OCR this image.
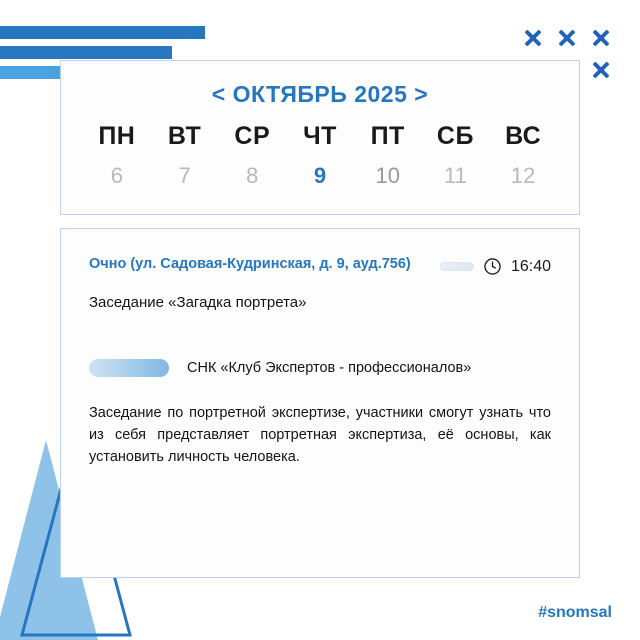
< ОКТЯБРЬ 2025 >
ПН	ВТ	СР	ЧТ	ПТ	СБ	ВС
6	7	8	9	10	11	12
Очно (ул. Садовая-Кудринская, д. 9, ауд.756)	16:40
Заседание «Загадка портрета»
СНК «Клуб Экспертов - профессионалов»
Заседание по портретной экспертизе, участники смогут узнать что из себя представляет портретная экспертиза, её основы, как установить личность человека.
#snomsal
